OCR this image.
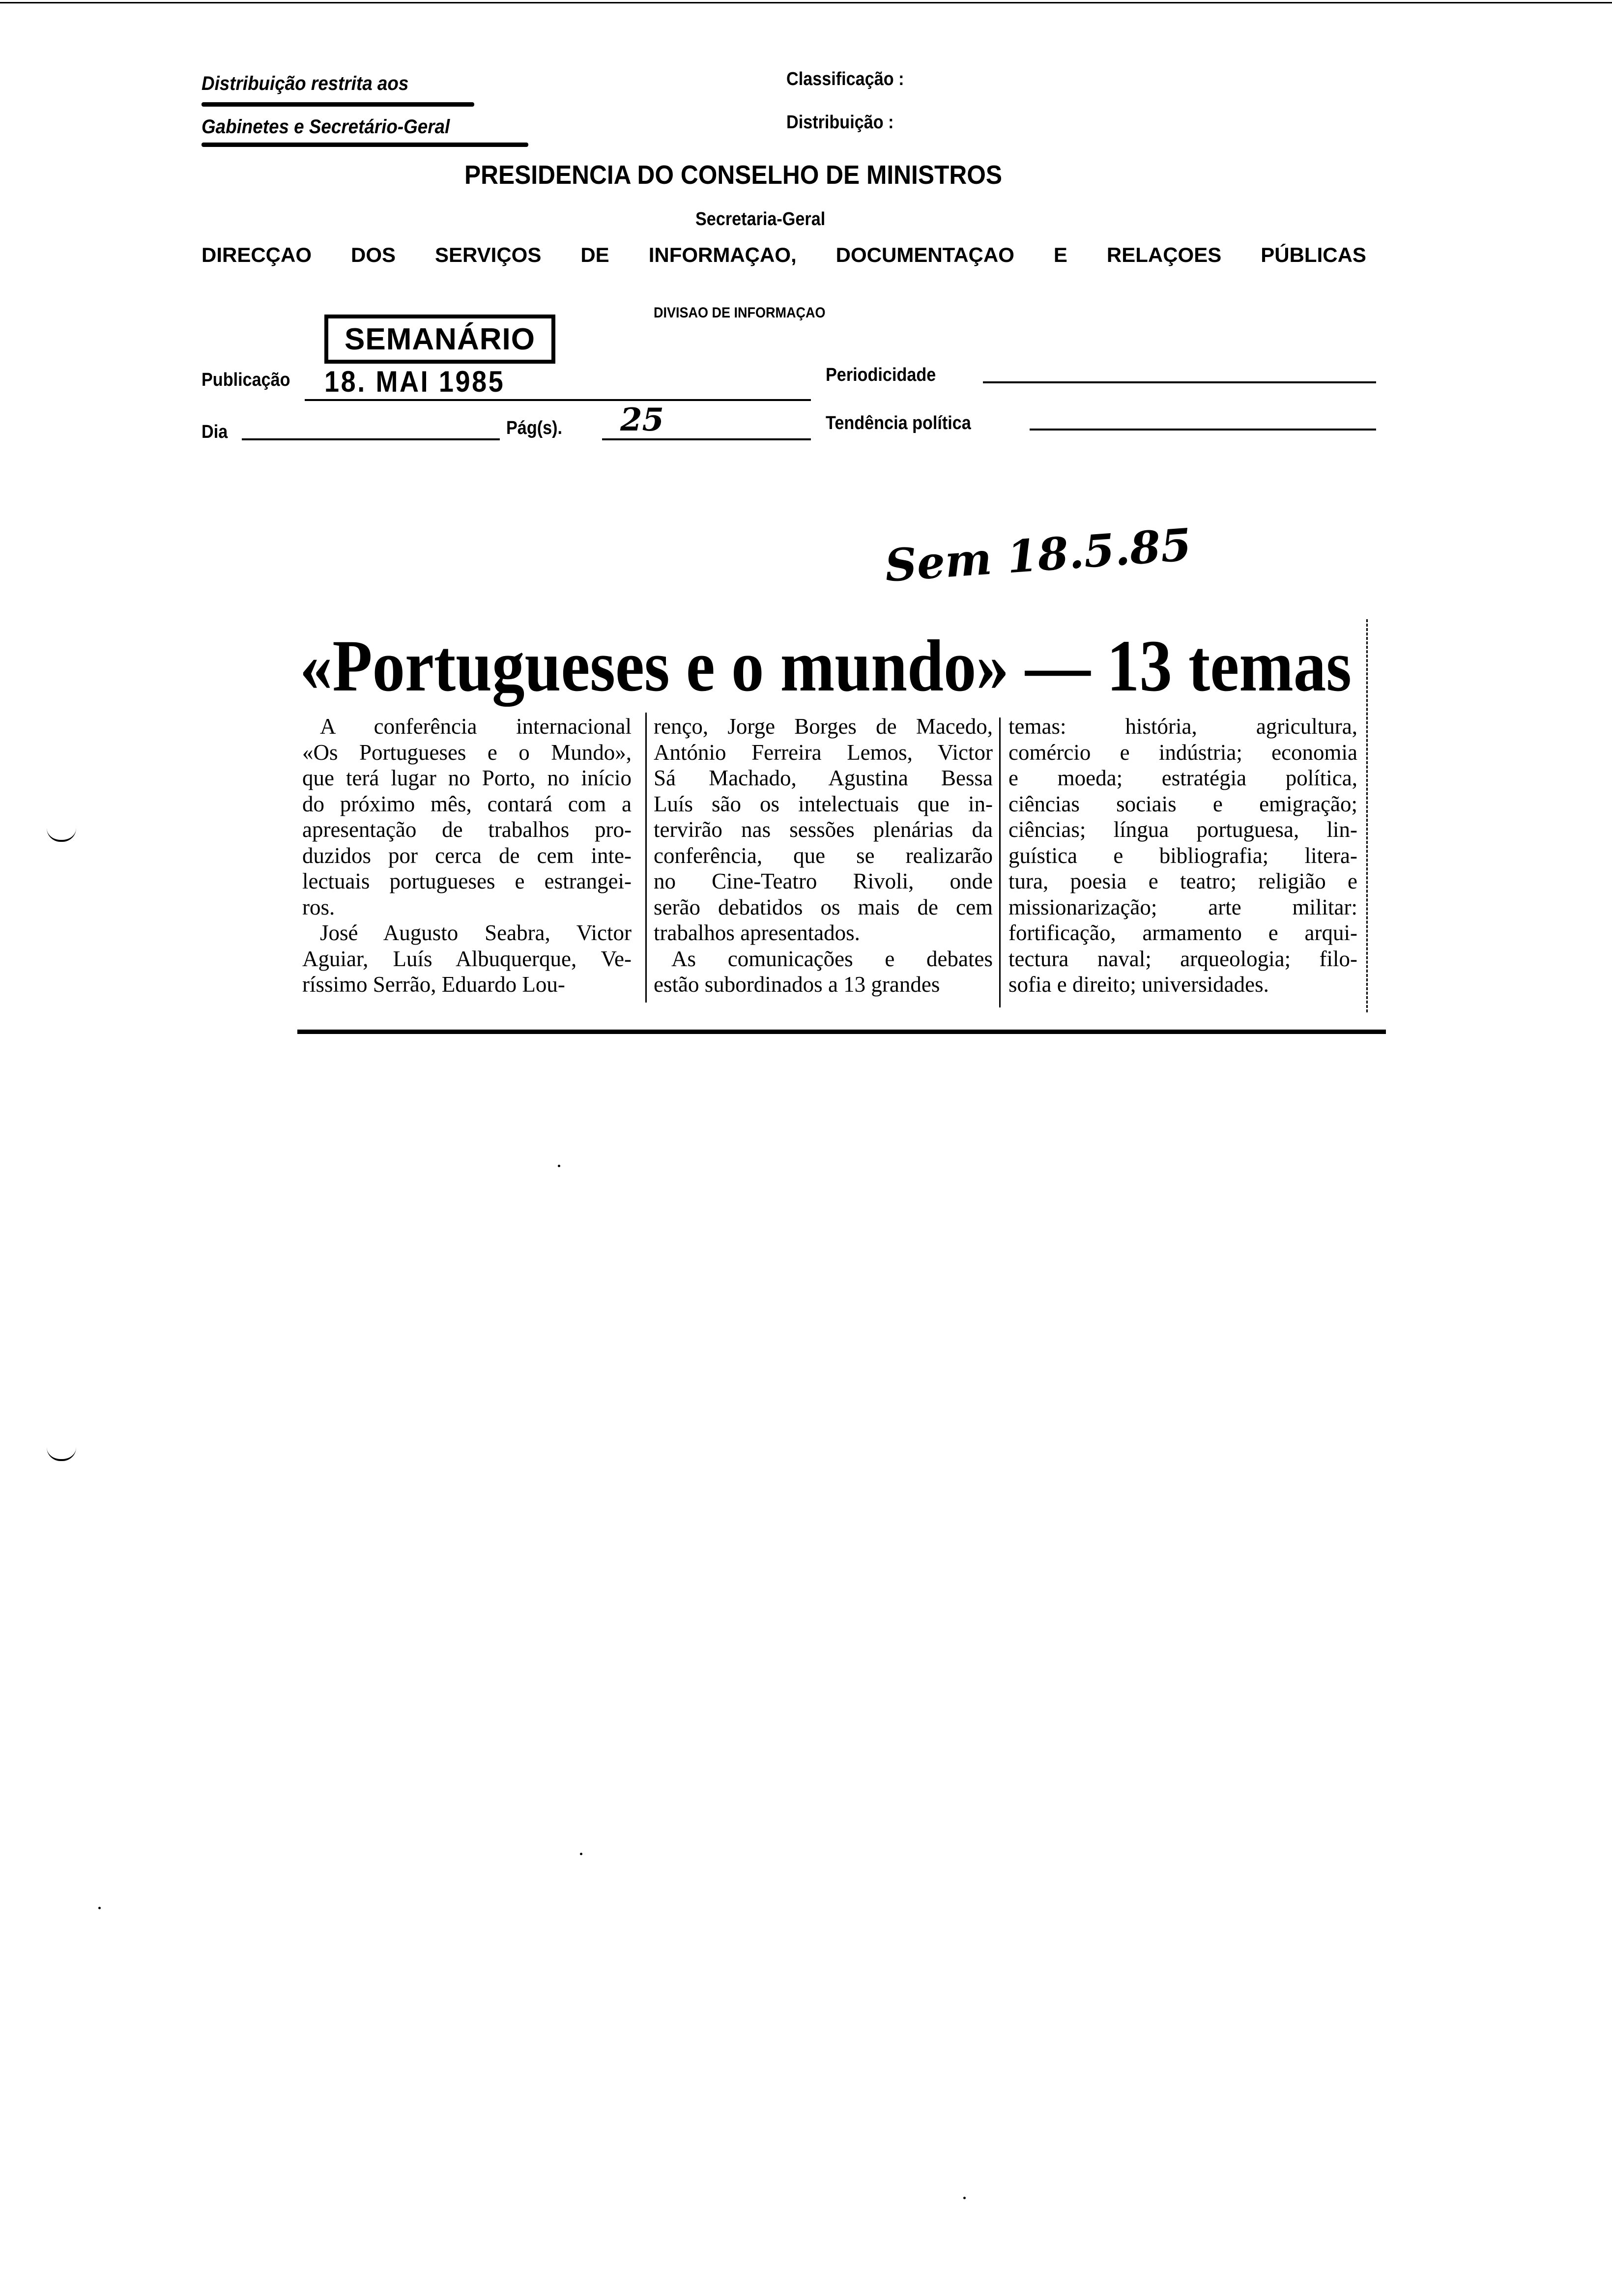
Distribuição restrita aos
Gabinetes e Secretário-Geral
Classificação :
Distribuição :
PRESIDENCIA DO CONSELHO DE MINISTROS
Secretaria-Geral
DIRECÇAO DOS SERVIÇOS DE INFORMAÇAO, DOCUMENTAÇAO E RELAÇOES PÚBLICAS
DIVISAO DE INFORMAÇAO
SEMANÁRIO
Publicação 18. MAI 1985	Periodicidade
Dia	Pág(s). 25	Tendência política
«Portugueses e o mundo» — 13 temas
Sem 18.5.85
A conferência internacional
«Os Portugueses e o Mundo»,
que terá lugar no Porto, no início
do próximo mês, contará com a
apresentação de trabalhos pro-
duzidos por cerca de cem inte-
lectuais portugueses e estrangei-
ros.
José Augusto Seabra, Victor
Aguiar, Luís Albuquerque, Ve-
ríssimo Serrão, Eduardo Lou-
renço, Jorge Borges de Macedo,
António Ferreira Lemos, Victor
Sá Machado, Agustina Bessa
Luís são os intelectuais que in-
tervirão nas sessões plenárias da
conferência, que se realizarão
no Cine-Teatro Rivoli, onde
serão debatidos os mais de cem
trabalhos apresentados.
As comunicações e debates
estão subordinados a 13 grandes
temas: história, agricultura,
comércio e indústria; economia
e moeda; estratégia política,
ciências sociais e emigração;
ciências; língua portuguesa, lin-
guística e bibliografia; litera-
tura, poesia e teatro; religião e
missionarização; arte militar:
fortificação, armamento e arqui-
tectura naval; arqueologia; filo-
sofia e direito; universidades.
